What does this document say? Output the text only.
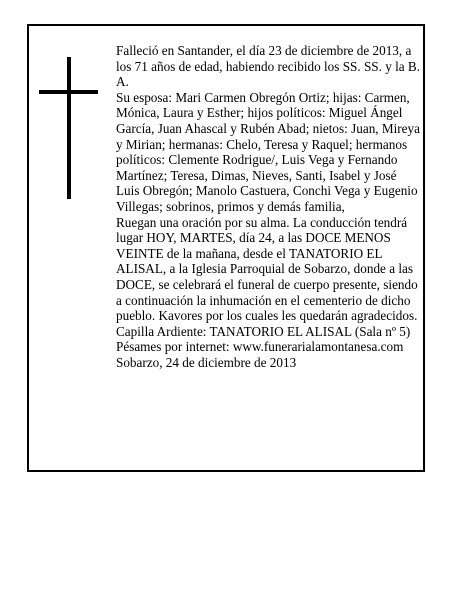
Falleció en Santander, el día 23 de diciembre de 2013, a los 71 años de edad, habiendo recibido los SS. SS. y la B. A.

Su esposa: Mari Carmen Obregón Ortiz; hijas: Carmen, Mónica, Laura y Esther; hijos políticos: Miguel Ángel García, Juan Ahascal y Rubén Abad; nietos: Juan, Mireya y Mirian; hermanas: Chelo, Teresa y Raquel; hermanos políticos: Clemente Rodrigue/, Luis Vega y Fernando Martínez; Teresa, Dimas, Nieves, Santi, Isabel y José Luis Obregón; Manolo Castuera, Conchi Vega y Eugenio Villegas; sobrinos, primos y demás familia,

Ruegan una oración por su alma. La conducción tendrá lugar HOY, MARTES, día 24, a las DOCE MENOS VEINTE de la mañana, desde el TANATORIO EL ALISAL, a la Iglesia Parroquial de Sobarzo, donde a las DOCE, se celebrará el funeral de cuerpo presente, siendo a continuación la inhumación en el cementerio de dicho pueblo. Kavores por los cuales les quedarán agradecidos. Capilla Ardiente: TANATORIO EL ALISAL (Sala nº 5)

Pésames por internet: www.funerarialamontanesa.com

Sobarzo, 24 de diciembre de 2013
